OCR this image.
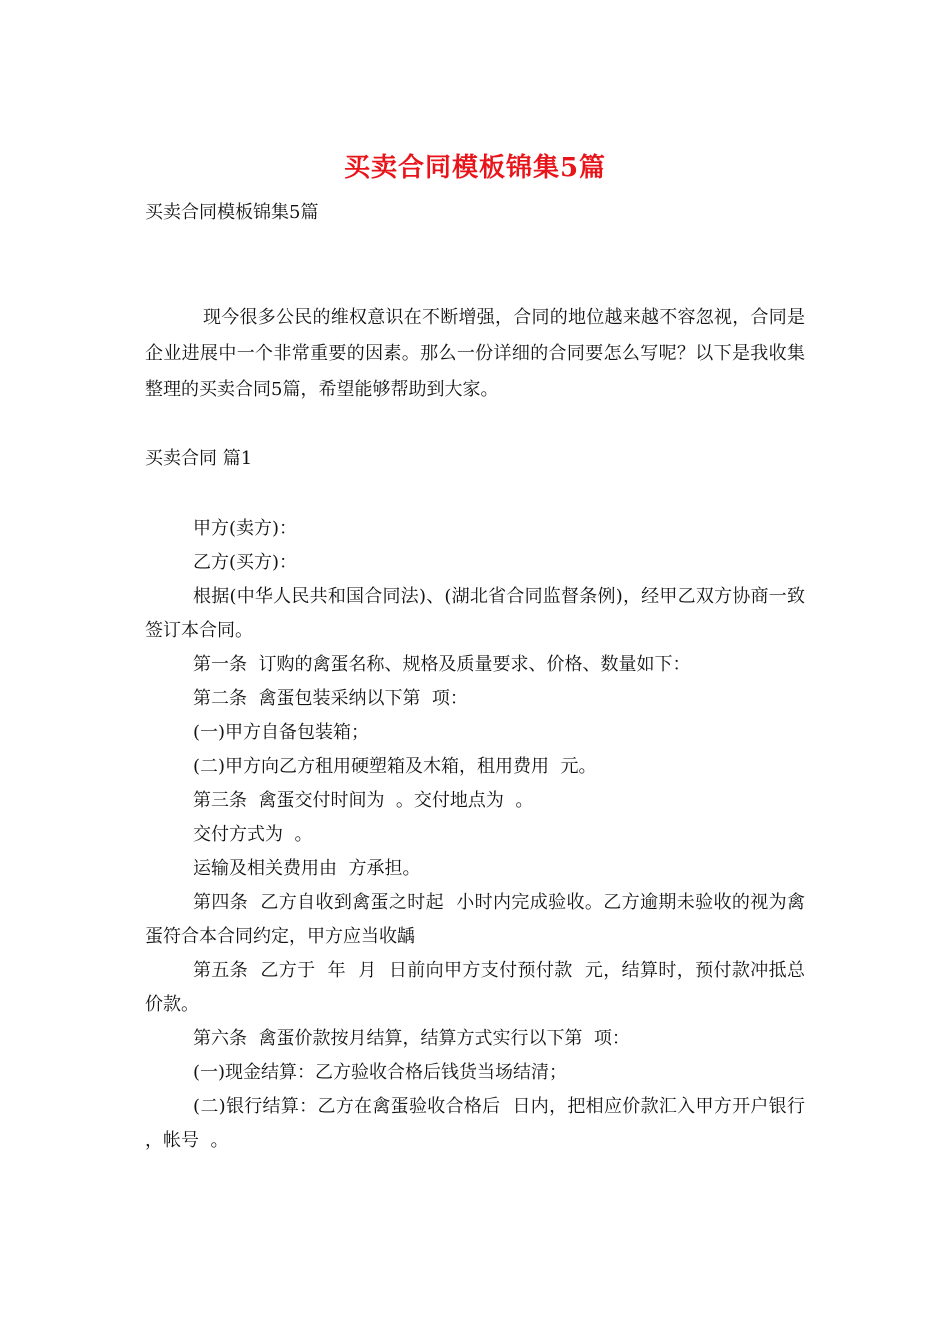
买卖合同模板锦集5篇
买卖合同模板锦集5篇
现今很多公民的维权意识在不断增强，合同的地位越来越不容忽视，合同是企业进展中一个非常重要的因素。那么一份详细的合同要怎么写呢？以下是我收集整理的买卖合同5篇，希望能够帮助到大家。
买卖合同 篇1

甲方(卖方)：

乙方(买方)：

根据(中华人民共和国合同法)、(湖北省合同监督条例)，经甲乙双方协商一致签订本合同。

第一条  订购的禽蛋名称、规格及质量要求、价格、数量如下：

第二条  禽蛋包装采纳以下第  项：

(一)甲方自备包装箱；

(二)甲方向乙方租用硬塑箱及木箱，租用费用  元。

第三条  禽蛋交付时间为  。交付地点为  。

交付方式为  。

运输及相关费用由  方承担。

第四条  乙方自收到禽蛋之时起  小时内完成验收。乙方逾期未验收的视为禽蛋符合本合同约定，甲方应当收龋

第五条  乙方于  年  月  日前向甲方支付预付款  元，结算时，预付款冲抵总价款。

第六条  禽蛋价款按月结算，结算方式实行以下第  项：

(一)现金结算：乙方验收合格后钱货当场结清；

(二)银行结算：乙方在禽蛋验收合格后  日内，把相应价款汇入甲方开户银行  ，帐号  。
